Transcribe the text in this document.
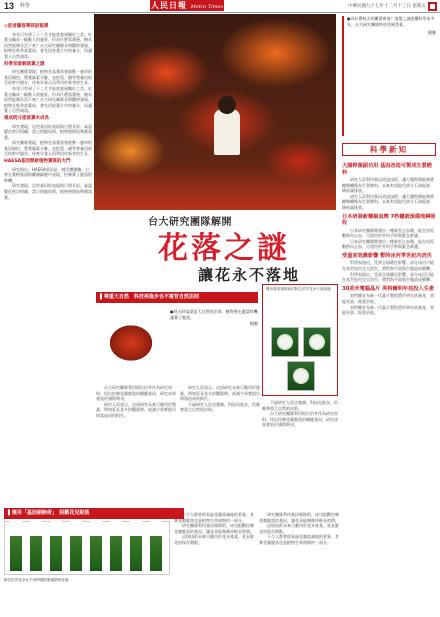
13 科學	人民日報 Metro Times	中華民國九十七年十二月十三日 星期五
◎記者羅智華採訪報導

每年只有到了十二月才能欣賞到楓紅之美。紅葉交織成一幅動人的風景，但為什麼落葉後，樹木依然能夠存活下來？台大研究團隊長期觀察發現，植物在秋季落葉前，會先回收葉片中的養分，再讓葉子自然凋落。

科學家破解落葉之謎

研究團隊發現，植物在落葉前會啟動一連串的基因調控，將葉綠素分解，並把氮、磷等營養回收至枝幹中儲存，待來年春天再利用於新芽的生長。

每年只有到了十二月才能欣賞到楓紅之美。紅葉交織成一幅動人的風景，但為什麼落葉後，樹木依然能夠存活下來？台大研究團隊長期觀察發現，植物在秋季落葉前，會先回收葉片中的養分，再讓葉子自然凋落。

達成既分進落葉木成長

研究發現，這些基因的表現與日照長短、氣溫變化密切相關，當日照縮短時，植物便開始準備落葉。

研究團隊發現，植物在落葉前會啟動一連串的基因調控，將葉綠素分解，並把氮、磷等營養回收至枝幹中儲存，待來年春天再利用於新芽的生長。

HAESA基因開啟植物葉落的大門

研究指出，HAESA基因是一種受體激酶，它會在葉柄基部的離層細胞中表現，控制葉子脫落的時機。

研究發現，這些基因的表現與日照長短、氣溫變化密切相關，當日照縮短時，植物便開始準備落葉。

台大研究團隊解開
花落之謎
讓花永不落地
●為什麼秋天的楓葉會落？落葉之謎困擾科學家多年，台大研究團隊終於找到答案。
楊應
科學新知
大腸桿菌副功用 基因改造可製成生質燃料

研究人員利用基因改造技術，讓大腸桿菌能夠將糖類轉換為生質燃料，未來有望取代部分石油能源，降低碳排放。

研究人員利用基因改造技術，讓大腸桿菌能夠將糖類轉換為生質燃料，未來有望取代部分石油能源，降低碳排放。

日本研發新藥凝血劑 7秒鐘就預備地瞬吸收

日本研究團隊開發出一種新型止血劑，能在短短數秒內止血，可望用於外科手術與緊急救護。

日本研究團隊開發出一種新型止血劑，能在短短數秒內止血，可望用於外科手術與緊急救護。

受溫室效應影響 暫時冰河季世紀內消失

科學家指出，受到全球暖化影響，部分冰河可能在本世紀內完全消失，將對海平面與生態造成衝擊。

科學家指出，受到全球暖化影響，部分冰河可能在本世紀內完全消失，將對海平面與生態造成衝擊。

30美米電腦晶片 英特爾明年底投入生產

英特爾宣布新一代晶片製程將於明年底量產，效能更高、耗電更低。

英特爾宣布新一代晶片製程將於明年底量產，效能更高、耗電更低。

運用基因剔除術的阿拉伯芥花朵不會脫落
▌尊重大自然　科技再進步也不違背自然法則
●秋天時落葉是大自然的法則，植物會在適當時機讓葉子脫落。
楊應

台大研究團隊利用阿拉伯芥作為研究材料，找出控制花瓣脫落的關鍵基因，研究成果發表於國際期刊。

研究人員表示，這項研究未來可應用於農業，例如延長花卉的觀賞期，或減少果實提早掉落造成的損失。

研究人員表示，這項研究未來可應用於農業，例如延長花卉的觀賞期，或減少果實提早掉落造成的損失。

不過研究人員也強調，科技再進步，仍應尊重大自然的法則。

不過研究人員也強調，科技再進步，仍應尊重大自然的法則。

台大研究團隊利用阿拉伯芥作為研究材料，找出控制花瓣脫落的關鍵基因，研究成果發表於國際期刊。

▌運用「基因剔除術」　阻斷花兒脫落
阿拉伯芥花朵在不同時期的脫落情形比較

不少人都曾經看過花瓣落滿地的景象，其實花瓣脫落也是植物生命週期的一部分。

研究團隊利用基因剔除術，成功阻斷控制花瓣脫落的基因，讓花朵能夠維持較長時間。

這項技術未來可應用於花卉產業，延長鮮花的保存期限。

研究團隊利用基因剔除術，成功阻斷控制花瓣脫落的基因，讓花朵能夠維持較長時間。

這項技術未來可應用於花卉產業，延長鮮花的保存期限。

不少人都曾經看過花瓣落滿地的景象，其實花瓣脫落也是植物生命週期的一部分。
